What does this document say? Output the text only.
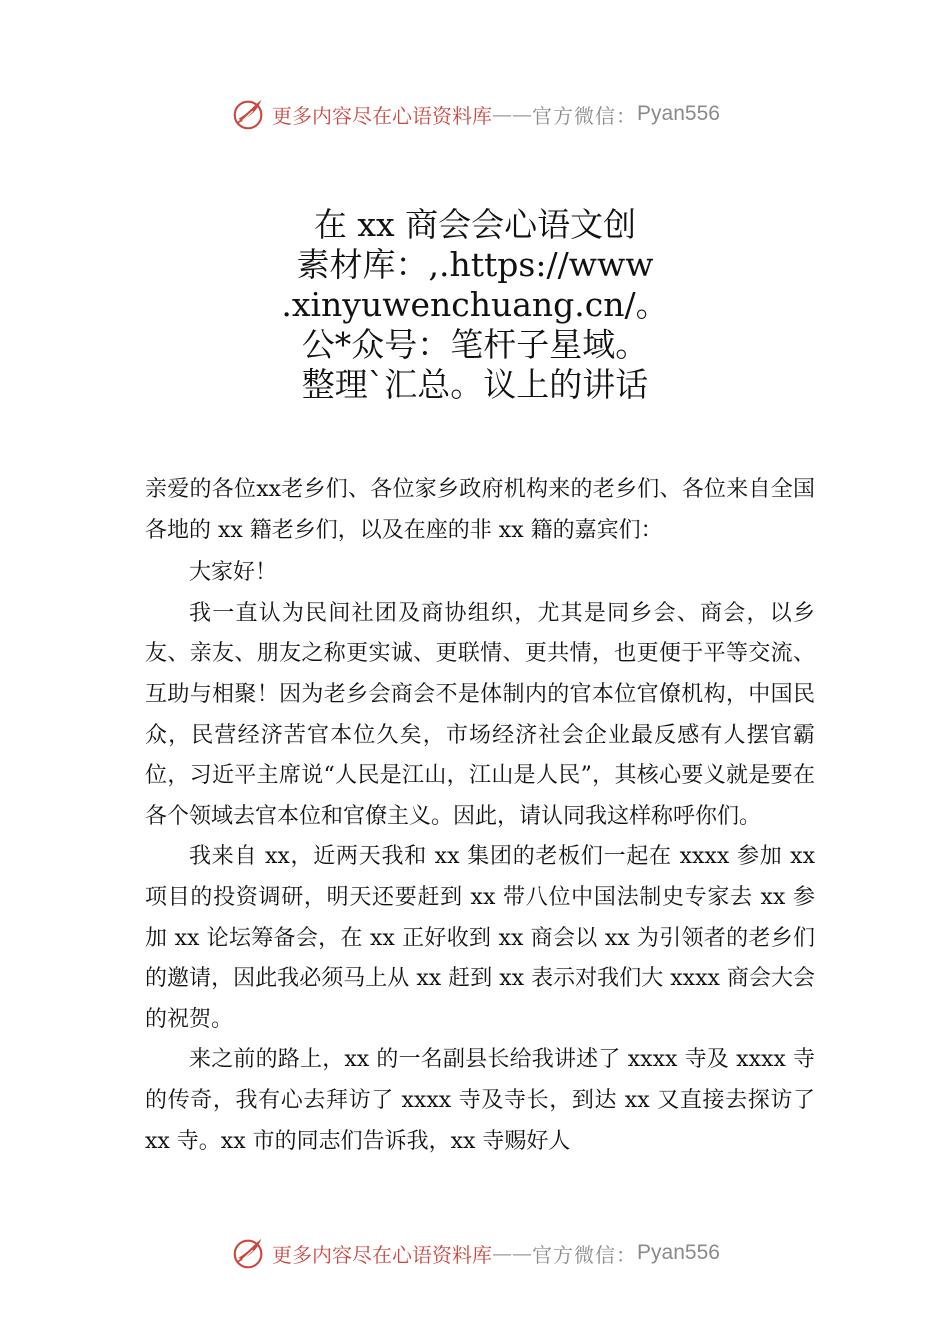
更多内容尽在心语资料库 —— 官方微信： Pyan556
在 xx 商会会心语文创
素材库：,.https://www
.xinyuwenchuang.cn/。
公*众号：笔杆子星域。
整理`汇总。议上的讲话

亲爱的各位xx老乡们、各位家乡政府机构来的老乡们、各位来自全国各地的 xx 籍老乡们，以及在座的非 xx 籍的嘉宾们：

大家好！

我一直认为民间社团及商协组织，尤其是同乡会、商会，以乡友、亲友、朋友之称更实诚、更联情、更共情，也更便于平等交流、互助与相聚！因为老乡会商会不是体制内的官本位官僚机构，中国民众，民营经济苦官本位久矣，市场经济社会企业最反感有人摆官霸位，习近平主席说“人民是江山，江山是人民”，其核心要义就是要在各个领域去官本位和官僚主义。因此，请认同我这样称呼你们。

我来自 xx，近两天我和 xx 集团的老板们一起在 xxxx 参加 xx 项目的投资调研，明天还要赶到 xx 带八位中国法制史专家去 xx 参加 xx 论坛筹备会，在 xx 正好收到 xx 商会以 xx 为引领者的老乡们的邀请，因此我必须马上从 xx 赶到 xx 表示对我们大 xxxx 商会大会的祝贺。

来之前的路上，xx 的一名副县长给我讲述了 xxxx 寺及 xxxx 寺的传奇，我有心去拜访了 xxxx 寺及寺长，到达 xx 又直接去探访了 xx 寺。xx 市的同志们告诉我，xx 寺赐好人

更多内容尽在心语资料库 —— 官方微信： Pyan556
